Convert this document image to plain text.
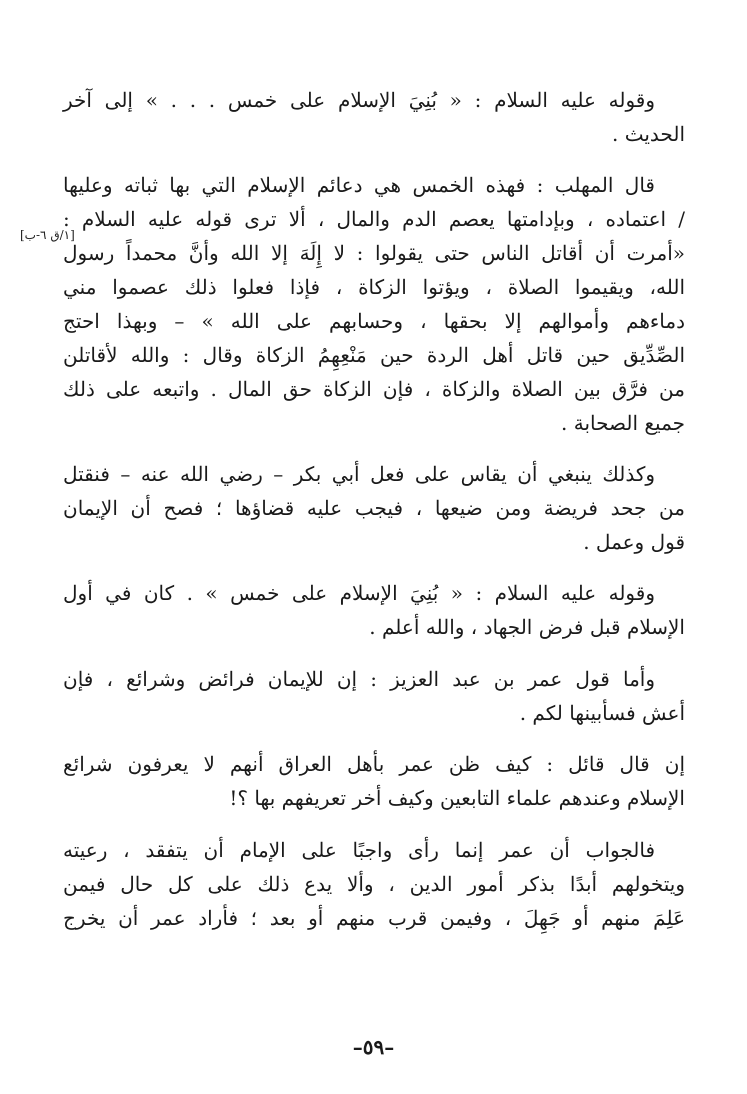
وقوله عليه السلام : « بُنِيَ الإسلام على خمس . . . » إلى آخر
الحديث .
قال المهلب : فهذه الخمس هي دعائم الإسلام التي بها ثباته وعليها
/ اعتماده ، وبإدامتها يعصم الدم والمال ، ألا ترى قوله عليه السلام :
«أمرت أن أقاتل الناس حتى يقولوا : لا إِلَهَ إلا الله وأنَّ محمداً رسول
الله، ويقيموا الصلاة ، ويؤتوا الزكاة ، فإذا فعلوا ذلك عصموا مني
دماءهم وأموالهم إلا بحقها ، وحسابهم على الله » – وبهذا احتج
الصِّدِّيق حين قاتل أهل الردة حين مَنْعِهِمُ الزكاة وقال : والله لأقاتلن
من فرَّق بين الصلاة والزكاة ، فإن الزكاة حق المال . واتبعه على ذلك
جميع الصحابة .
وكذلك ينبغي أن يقاس على فعل أبي بكر – رضي الله عنه – فنقتل
من جحد فريضة ومن ضيعها ، فيجب عليه قضاؤها ؛ فصح أن الإيمان
قول وعمل .
وقوله عليه السلام : « بُنِيَ الإسلام على خمس » . كان في أول
الإسلام قبل فرض الجهاد ، والله أعلم .
وأما قول عمر بن عبد العزيز : إن للإيمان فرائض وشرائع ، فإن
أعش فسأبينها لكم .
إن قال قائل : كيف ظن عمر بأهل العراق أنهم لا يعرفون شرائع
الإسلام وعندهم علماء التابعين وكيف أخر تعريفهم بها ؟!
فالجواب أن عمر إنما رأى واجبًا على الإمام أن يتفقد ، رعيته
ويتخولهم أبدًا بذكر أمور الدين ، وألا يدع ذلك على كل حال فيمن
عَلِمَ منهم أو جَهِلَ ، وفيمن قرب منهم أو بعد ؛ فأراد عمر أن يخرج
[١/ق ٦-ب]
–٥٩–
